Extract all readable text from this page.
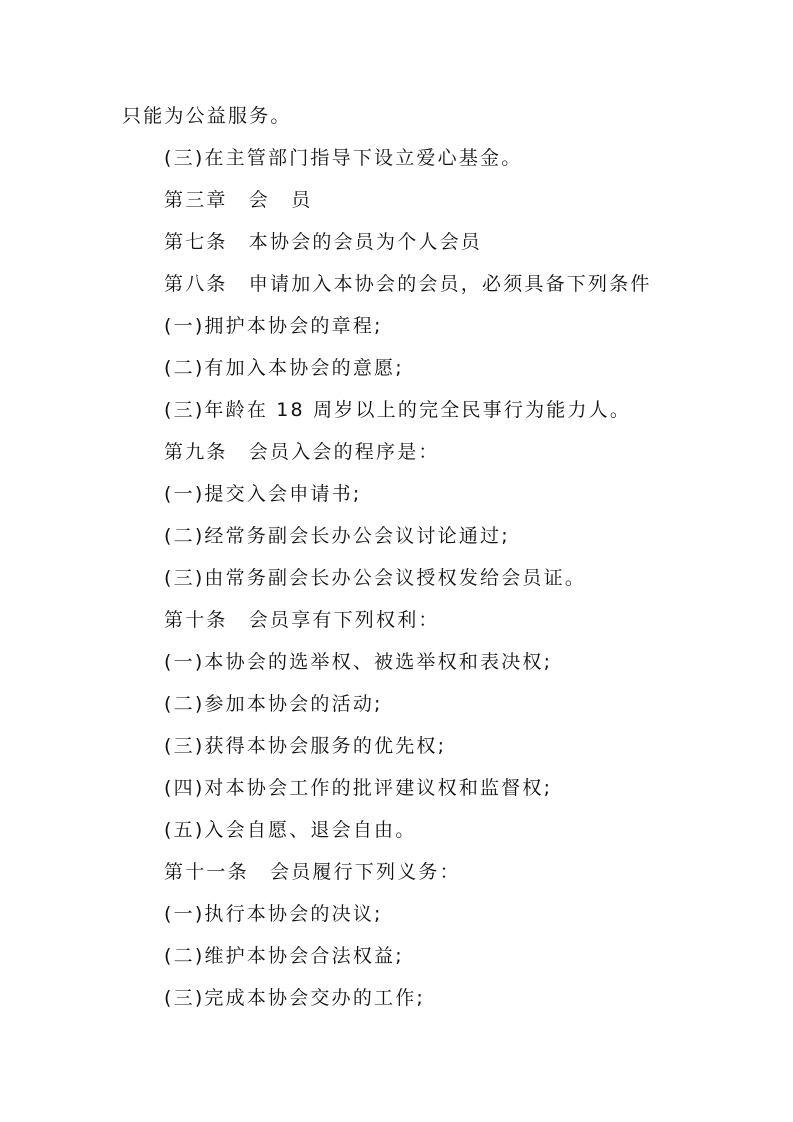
只能为公益服务。

(三)在主管部门指导下设立爱心基金。

第三章　会　员

第七条　本协会的会员为个人会员

第八条　申请加入本协会的会员，必须具备下列条件

(一)拥护本协会的章程;

(二)有加入本协会的意愿;

(三)年龄在 18 周岁以上的完全民事行为能力人。

第九条　会员入会的程序是：

(一)提交入会申请书;

(二)经常务副会长办公会议讨论通过;

(三)由常务副会长办公会议授权发给会员证。

第十条　会员享有下列权利：

(一)本协会的选举权、被选举权和表决权;

(二)参加本协会的活动;

(三)获得本协会服务的优先权;

(四)对本协会工作的批评建议权和监督权;

(五)入会自愿、退会自由。

第十一条　会员履行下列义务：

(一)执行本协会的决议;

(二)维护本协会合法权益;

(三)完成本协会交办的工作;
